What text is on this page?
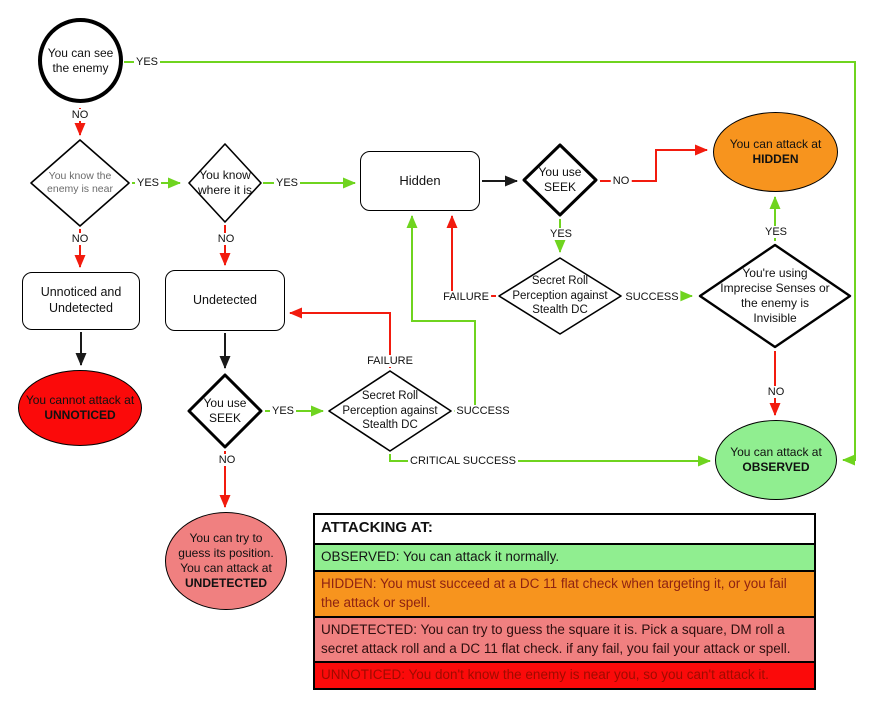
You can see the enemy
You know the enemy is near
You know where it is
Hidden
You use SEEK
You can attack at
HIDDEN
Secret Roll Perception against Stealth DC
You're using Imprecise Senses or the enemy is Invisible
Unnoticed and Undetected
You cannot attack at
UNNOTICED
Undetected
You use SEEK
Secret Roll Perception against Stealth DC
You can try to guess its position. You can attack at
UNDETECTED
You can attack at
OBSERVED
YES
NO
YES
NO
YES
NO
NO
YES
SUCCESS
FAILURE
YES
NO
YES
NO
FAILURE
SUCCESS
CRITICAL SUCCESS
ATTACKING AT:
OBSERVED: You can attack it normally.
HIDDEN: You must succeed at a DC 11 flat check when targeting it, or you fail the attack or spell.
UNDETECTED: You can try to guess the square it is. Pick a square, DM roll a secret attack roll and a DC 11 flat check. if any fail, you fail your attack or spell.
UNNOTICED: You don't know the enemy is near you, so you can't attack it.
